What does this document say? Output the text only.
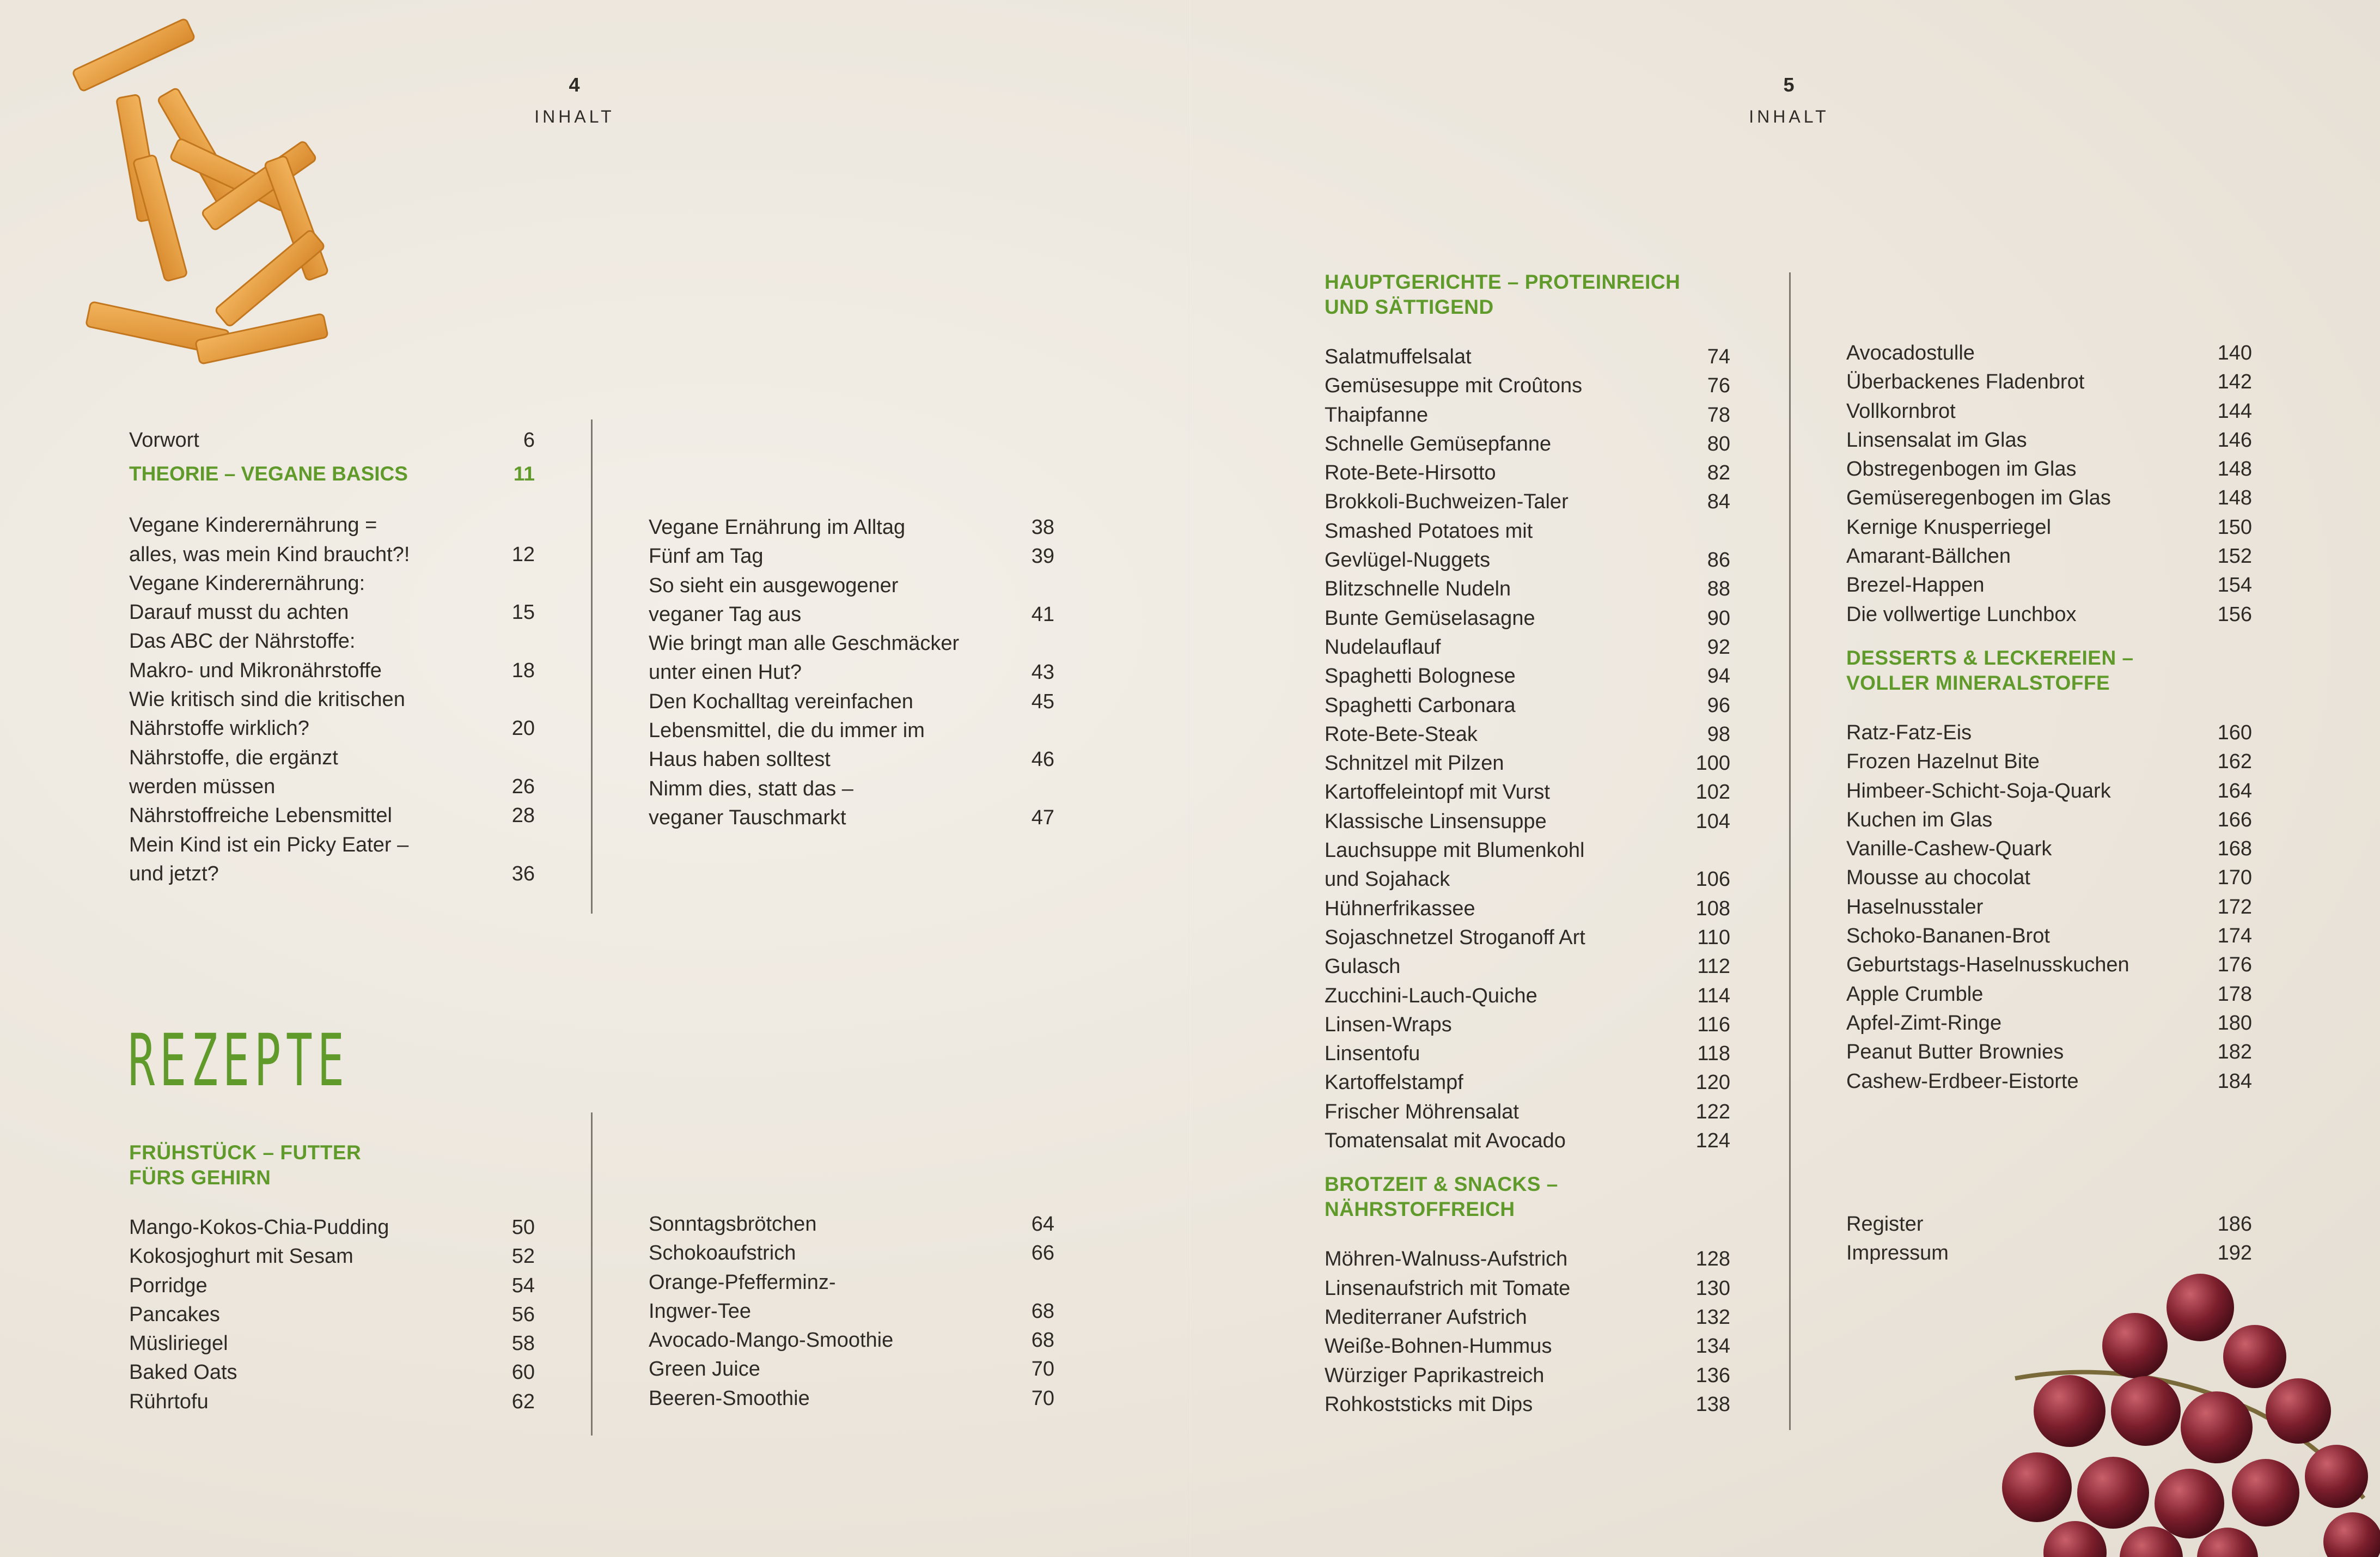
4
INHALT
5
INHALT
Vorwort	6
THEORIE – VEGANE BASICS	11
Vegane Kinderernährung =
alles, was mein Kind braucht?!	12
Vegane Kinderernährung:
Darauf musst du achten	15
Das ABC der Nährstoffe:
Makro- und Mikronährstoffe	18
Wie kritisch sind die kritischen
Nährstoffe wirklich?	20
Nährstoffe, die ergänzt
werden müssen	26
Nährstoffreiche Lebensmittel	28
Mein Kind ist ein Picky Eater –
und jetzt?	36
Vegane Ernährung im Alltag	38
Fünf am Tag	39
So sieht ein ausgewogener
veganer Tag aus	41
Wie bringt man alle Geschmäcker
unter einen Hut?	43
Den Kochalltag vereinfachen	45
Lebensmittel, die du immer im
Haus haben solltest	46
Nimm dies, statt das –
veganer Tauschmarkt	47
REZEPTE
FRÜHSTÜCK – FUTTER
FÜRS GEHIRN
Mango-Kokos-Chia-Pudding	50
Kokosjoghurt mit Sesam	52
Porridge	54
Pancakes	56
Müsliriegel	58
Baked Oats	60
Rührtofu	62
Sonntagsbrötchen	64
Schokoaufstrich	66
Orange-Pfefferminz-
Ingwer-Tee	68
Avocado-Mango-Smoothie	68
Green Juice	70
Beeren-Smoothie	70
HAUPTGERICHTE – PROTEINREICH
UND SÄTTIGEND
Salatmuffelsalat	74
Gemüsesuppe mit Croûtons	76
Thaipfanne	78
Schnelle Gemüsepfanne	80
Rote-Bete-Hirsotto	82
Brokkoli-Buchweizen-Taler	84
Smashed Potatoes mit
Gevlügel-Nuggets	86
Blitzschnelle Nudeln	88
Bunte Gemüselasagne	90
Nudelauflauf	92
Spaghetti Bolognese	94
Spaghetti Carbonara	96
Rote-Bete-Steak	98
Schnitzel mit Pilzen	100
Kartoffeleintopf mit Vurst	102
Klassische Linsensuppe	104
Lauchsuppe mit Blumenkohl
und Sojahack	106
Hühnerfrikassee	108
Sojaschnetzel Stroganoff Art	110
Gulasch	112
Zucchini-Lauch-Quiche	114
Linsen-Wraps	116
Linsentofu	118
Kartoffelstampf	120
Frischer Möhrensalat	122
Tomatensalat mit Avocado	124
BROTZEIT & SNACKS –
NÄHRSTOFFREICH
Möhren-Walnuss-Aufstrich	128
Linsenaufstrich mit Tomate	130
Mediterraner Aufstrich	132
Weiße-Bohnen-Hummus	134
Würziger Paprikastreich	136
Rohkoststicks mit Dips	138
Avocadostulle	140
Überbackenes Fladenbrot	142
Vollkornbrot	144
Linsensalat im Glas	146
Obstregenbogen im Glas	148
Gemüseregenbogen im Glas	148
Kernige Knusperriegel	150
Amarant-Bällchen	152
Brezel-Happen	154
Die vollwertige Lunchbox	156
DESSERTS & LECKEREIEN –
VOLLER MINERALSTOFFE
Ratz-Fatz-Eis	160
Frozen Hazelnut Bite	162
Himbeer-Schicht-Soja-Quark	164
Kuchen im Glas	166
Vanille-Cashew-Quark	168
Mousse au chocolat	170
Haselnusstaler	172
Schoko-Bananen-Brot	174
Geburtstags-Haselnusskuchen	176
Apple Crumble	178
Apfel-Zimt-Ringe	180
Peanut Butter Brownies	182
Cashew-Erdbeer-Eistorte	184
Register	186
Impressum	192
